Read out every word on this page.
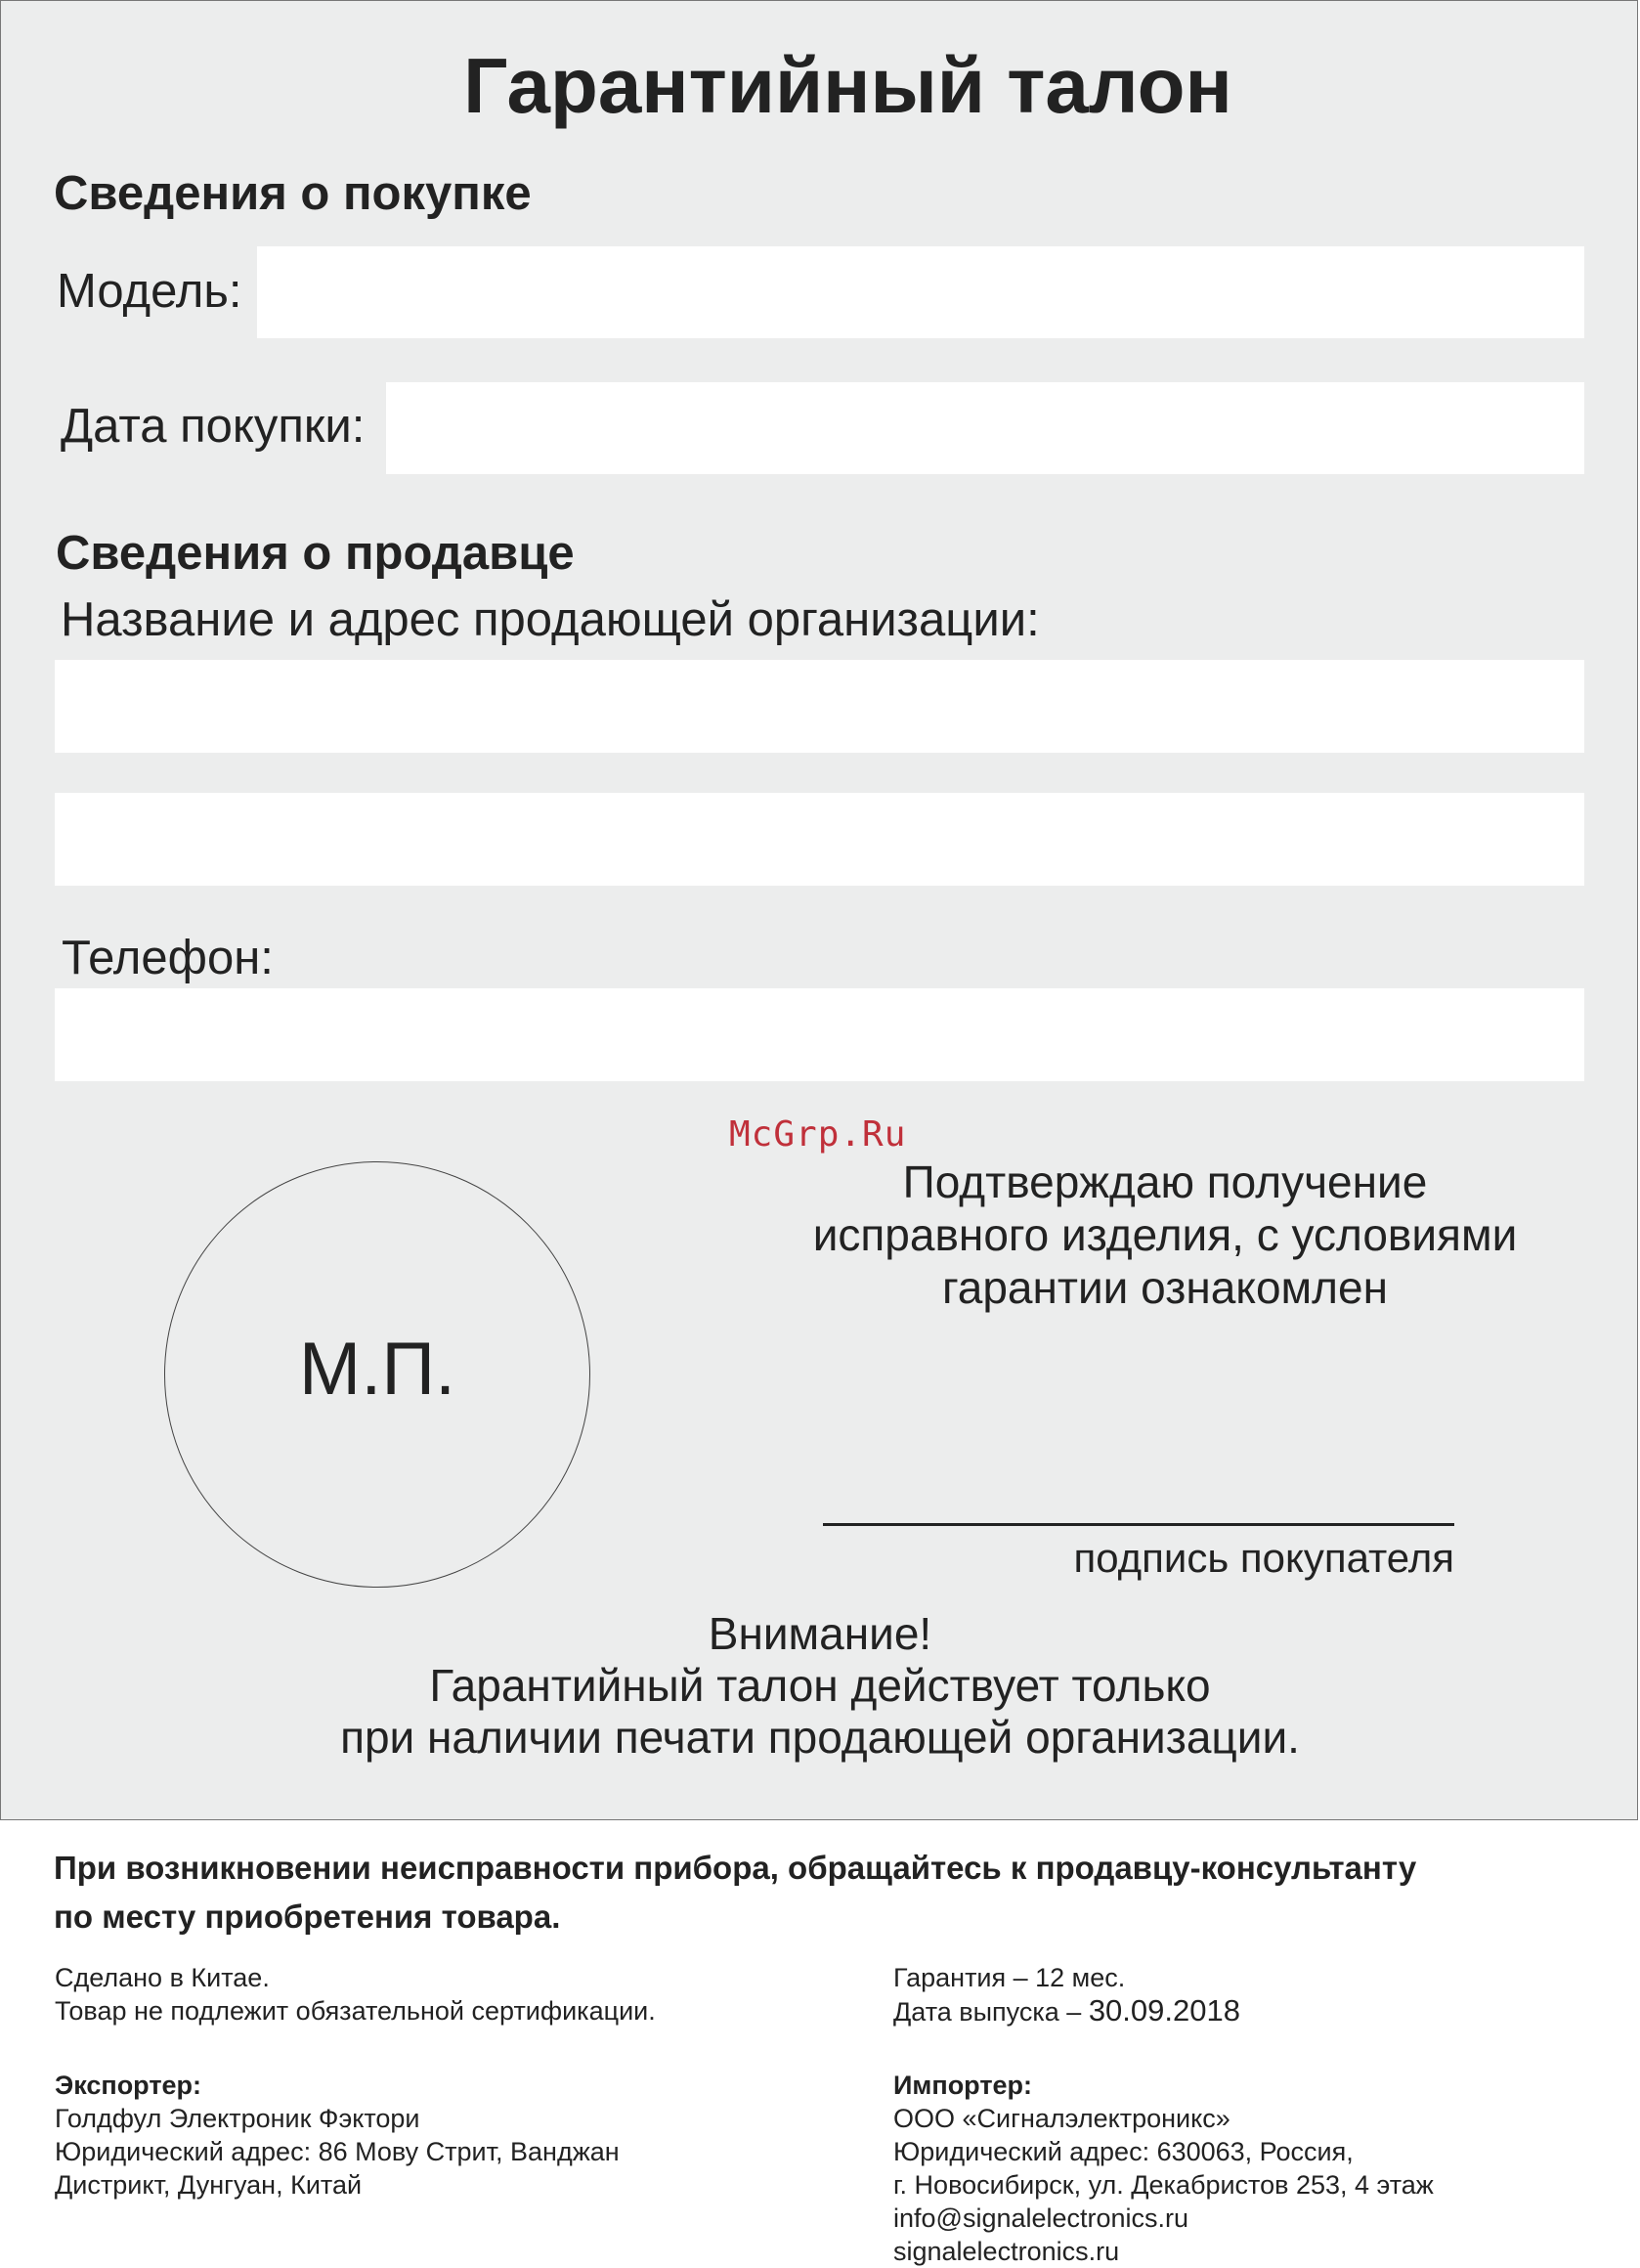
Гарантийный талон
Сведения о покупке
Модель:
Дата покупки:
Сведения о продавце
Название и адрес продающей организации:
Телефон:
McGrp.Ru
Подтверждаю получение
исправного изделия, с условиями
гарантии ознакомлен
М.П.
подпись покупателя
Внимание!
Гарантийный талон действует только
при наличии печати продающей организации.
При возникновении неисправности прибора, обращайтесь к продавцу-консультанту
по месту приобретения товара.
Сделано в Китае.
Товар не подлежит обязательной сертификации.
Гарантия – 12 мес.
Дата выпуска – 30.09.2018
Экспортер:
Голдфул Электроник Фэктори
Юридический адрес: 86 Мову Стрит, Ванджан
Дистрикт, Дунгуан, Китай
Импортер:
ООО «Сигналэлектроникс»
Юридический адрес: 630063, Россия,
г. Новосибирск, ул. Декабристов 253, 4 этаж
info@signalelectronics.ru
signalelectronics.ru
